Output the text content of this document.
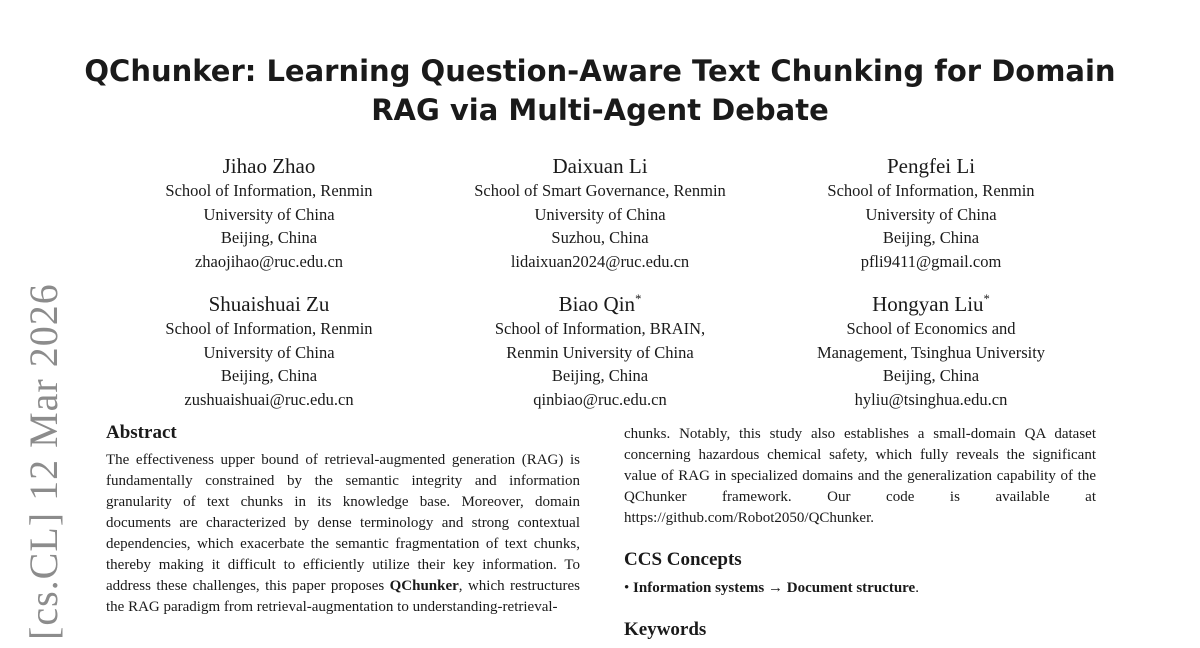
[cs.CL] 12 Mar 2026
QChunker: Learning Question-Aware Text Chunking for Domain
RAG via Multi-Agent Debate
Jihao Zhao
School of Information, Renmin
University of China
Beijing, China
zhaojihao@ruc.edu.cn
Daixuan Li
School of Smart Governance, Renmin
University of China
Suzhou, China
lidaixuan2024@ruc.edu.cn
Pengfei Li
School of Information, Renmin
University of China
Beijing, China
pfli9411@gmail.com
Shuaishuai Zu
School of Information, Renmin
University of China
Beijing, China
zushuaishuai@ruc.edu.cn
Biao Qin*
School of Information, BRAIN,
Renmin University of China
Beijing, China
qinbiao@ruc.edu.cn
Hongyan Liu*
School of Economics and
Management, Tsinghua University
Beijing, China
hyliu@tsinghua.edu.cn
Abstract
The effectiveness upper bound of retrieval-augmented generation (RAG) is fundamentally constrained by the semantic integrity and information granularity of text chunks in its knowledge base. Moreover, domain documents are characterized by dense terminology and strong contextual dependencies, which exacerbate the semantic fragmentation of text chunks, thereby making it difficult to efficiently utilize their key information. To address these challenges, this paper proposes QChunker, which restructures the RAG paradigm from retrieval-augmentation to understanding-retrieval-
chunks. Notably, this study also establishes a small-domain QA dataset concerning hazardous chemical safety, which fully reveals the significant value of RAG in specialized domains and the generalization capability of the QChunker framework. Our code is available at https://github.com/Robot2050/QChunker.
CCS Concepts
• Information systems → Document structure.
Keywords
